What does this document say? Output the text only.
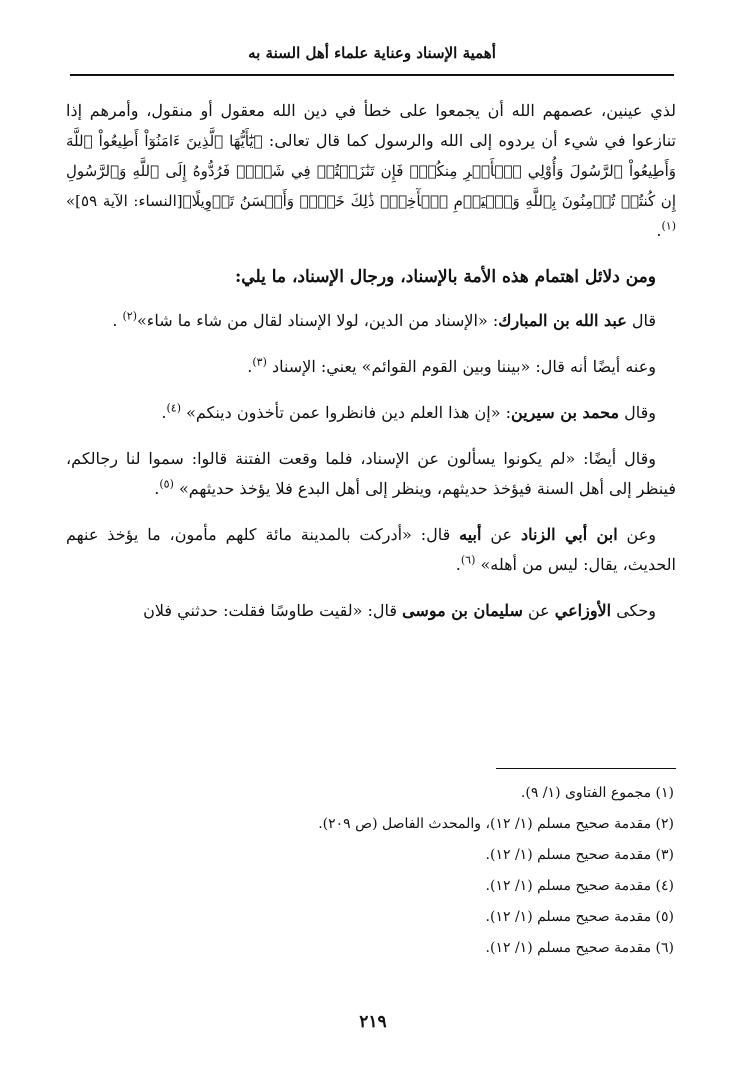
أهمية الإسناد وعناية علماء أهل السنة به

لذي عينين، عصمهم الله أن يجمعوا على خطأ في دين الله معقول أو منقول، وأمرهم إذا تنازعوا في شيء أن يردوه إلى الله والرسول كما قال تعالى: ﴿يَٰٓأَيُّهَا ٱلَّذِينَ ءَامَنُوٓاْ أَطِيعُواْ ٱللَّهَ وَأَطِيعُواْ ٱلرَّسُولَ وَأُوْلِي ٱلۡأَمۡرِ مِنكُمۡۖ فَإِن تَنَٰزَعۡتُمۡ فِي شَيۡءٖ فَرُدُّوهُ إِلَى ٱللَّهِ وَٱلرَّسُولِ إِن كُنتُمۡ تُؤۡمِنُونَ بِٱللَّهِ وَٱلۡيَوۡمِ ٱلۡأٓخِرِۚ ذَٰلِكَ خَيۡرٞ وَأَحۡسَنُ تَأۡوِيلًا﴾[النساء: الآية ٥٩]» $^{(١)}$.

ومن دلائل اهتمام هذه الأمة بالإسناد، ورجال الإسناد، ما يلي:

قال عبد الله بن المبارك: «الإسناد من الدين، لولا الإسناد لقال من شاء ما شاء»$^{(٢)}$ .

وعنه أيضًا أنه قال: «بيننا وبين القوم القوائم» يعني: الإسناد $^{(٣)}$.

وقال محمد بن سيرين: «إن هذا العلم دين فانظروا عمن تأخذون دينكم» $^{(٤)}$.

وقال أيضًا: «لم يكونوا يسألون عن الإسناد، فلما وقعت الفتنة قالوا: سموا لنا رجالكم، فينظر إلى أهل السنة فيؤخذ حديثهم، وينظر إلى أهل البدع فلا يؤخذ حديثهم» $^{(٥)}$.

وعن ابن أبي الزناد عن أبيه قال: «أدركت بالمدينة مائة كلهم مأمون، ما يؤخذ عنهم الحديث، يقال: ليس من أهله» $^{(٦)}$.

وحكى الأوزاعي عن سليمان بن موسى قال: «لقيت طاوسًا فقلت: حدثني فلان

(١) مجموع الفتاوى (١/ ٩).

(٢) مقدمة صحيح مسلم (١/ ١٢)، والمحدث الفاصل (ص ٢٠٩).

(٣) مقدمة صحيح مسلم (١/ ١٢).

(٤) مقدمة صحيح مسلم (١/ ١٢).

(٥) مقدمة صحيح مسلم (١/ ١٢).

(٦) مقدمة صحيح مسلم (١/ ١٢).

٢١٩
